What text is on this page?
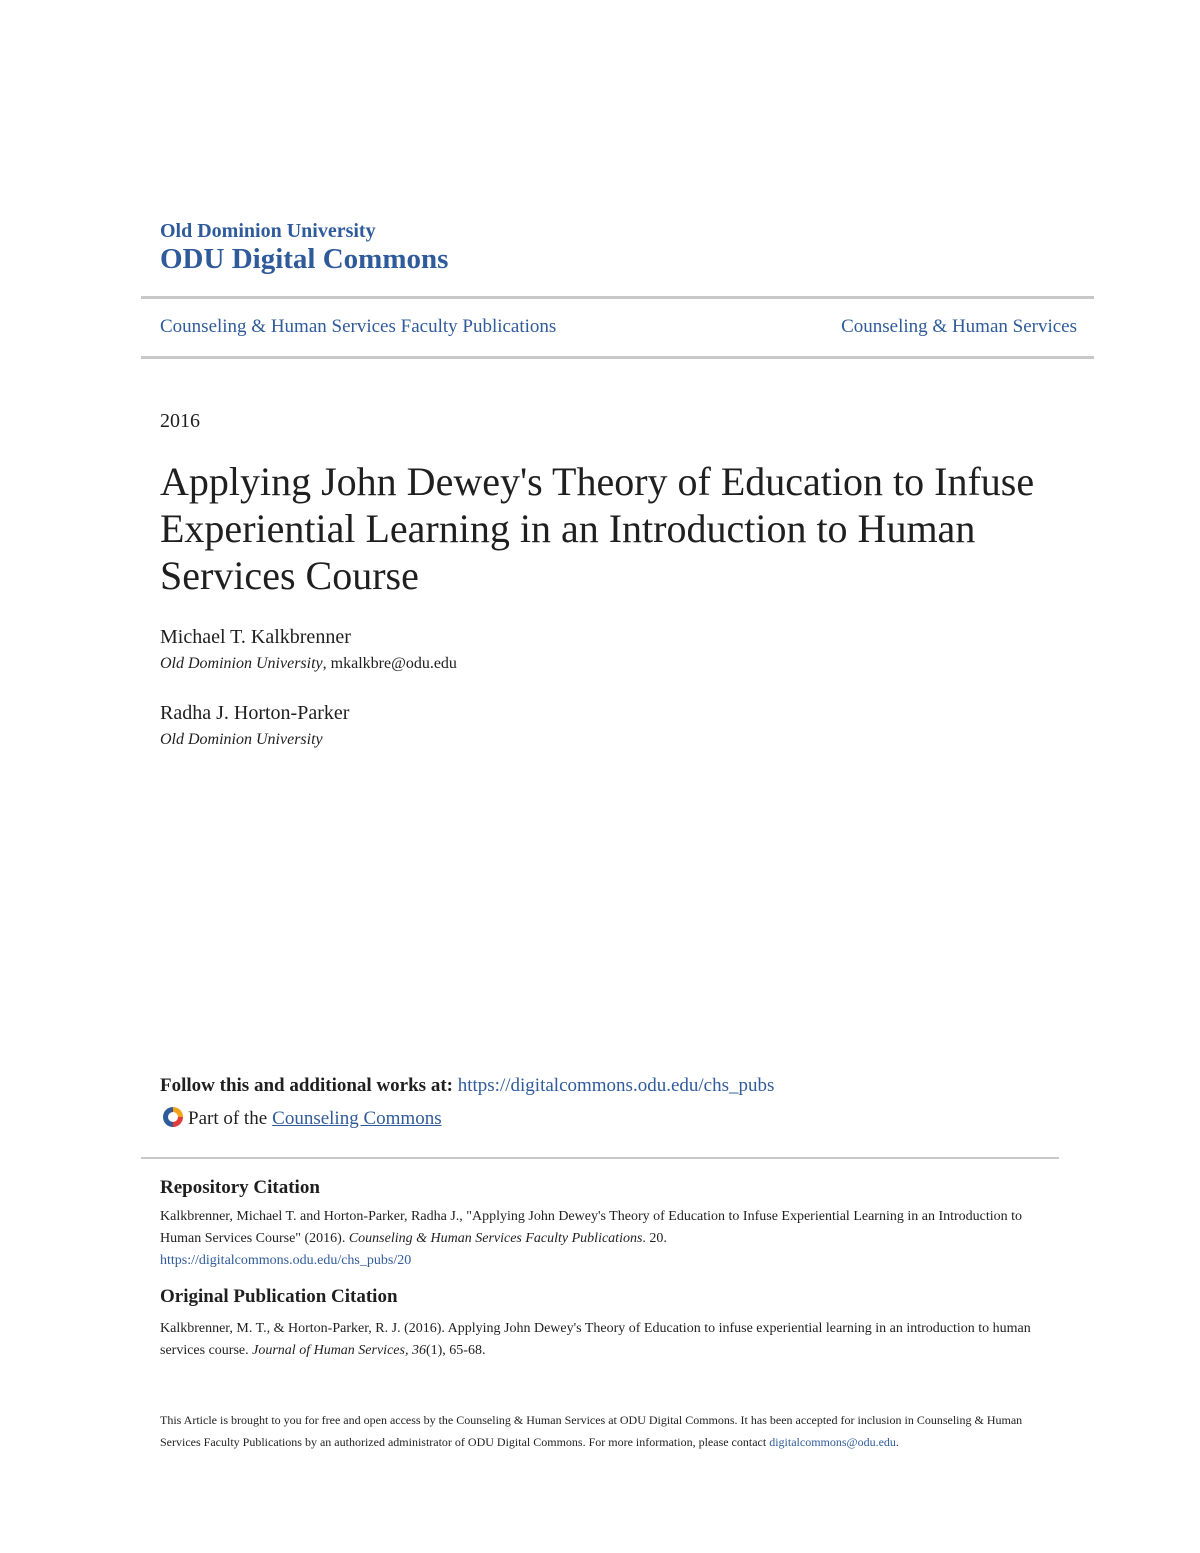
Old Dominion University
ODU Digital Commons
Counseling & Human Services Faculty Publications	Counseling & Human Services
2016
Applying John Dewey's Theory of Education to Infuse Experiential Learning in an Introduction to Human Services Course
Michael T. Kalkbrenner
Old Dominion University, mkalkbre@odu.edu
Radha J. Horton-Parker
Old Dominion University
Follow this and additional works at: https://digitalcommons.odu.edu/chs_pubs
Part of the Counseling Commons
Repository Citation
Kalkbrenner, Michael T. and Horton-Parker, Radha J., "Applying John Dewey's Theory of Education to Infuse Experiential Learning in an Introduction to Human Services Course" (2016). Counseling & Human Services Faculty Publications. 20.
https://digitalcommons.odu.edu/chs_pubs/20
Original Publication Citation
Kalkbrenner, M. T., & Horton-Parker, R. J. (2016). Applying John Dewey's Theory of Education to infuse experiential learning in an introduction to human services course. Journal of Human Services, 36(1), 65-68.
This Article is brought to you for free and open access by the Counseling & Human Services at ODU Digital Commons. It has been accepted for inclusion in Counseling & Human Services Faculty Publications by an authorized administrator of ODU Digital Commons. For more information, please contact digitalcommons@odu.edu.
